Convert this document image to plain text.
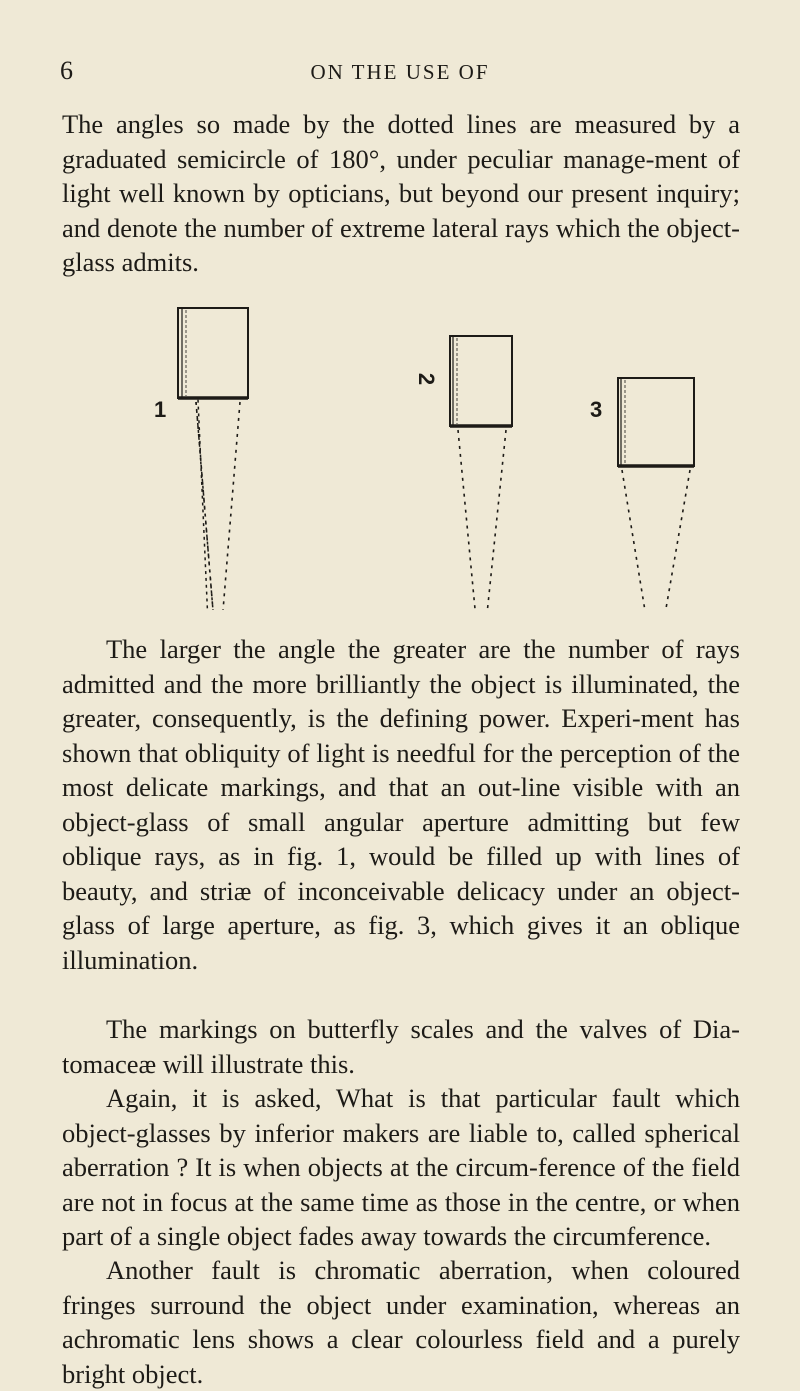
6	ON THE USE OF

The angles so made by the dotted lines are measured by a graduated semicircle of 180°, under peculiar manage-ment of light well known by opticians, but beyond our present inquiry; and denote the number of extreme lateral rays which the object-glass admits.

1
2
3

The larger the angle the greater are the number of rays admitted and the more brilliantly the object is illuminated, the greater, consequently, is the defining power. Experi-ment has shown that obliquity of light is needful for the perception of the most delicate markings, and that an out-line visible with an object-glass of small angular aperture admitting but few oblique rays, as in fig. 1, would be filled up with lines of beauty, and striæ of inconceivable delicacy under an object-glass of large aperture, as fig. 3, which gives it an oblique illumination.

The markings on butterfly scales and the valves of Dia-tomaceæ will illustrate this.

Again, it is asked, What is that particular fault which object-glasses by inferior makers are liable to, called spherical aberration ? It is when objects at the circum-ference of the field are not in focus at the same time as those in the centre, or when part of a single object fades away towards the circumference.

Another fault is chromatic aberration, when coloured fringes surround the object under examination, whereas an achromatic lens shows a clear colourless field and a purely bright object.
